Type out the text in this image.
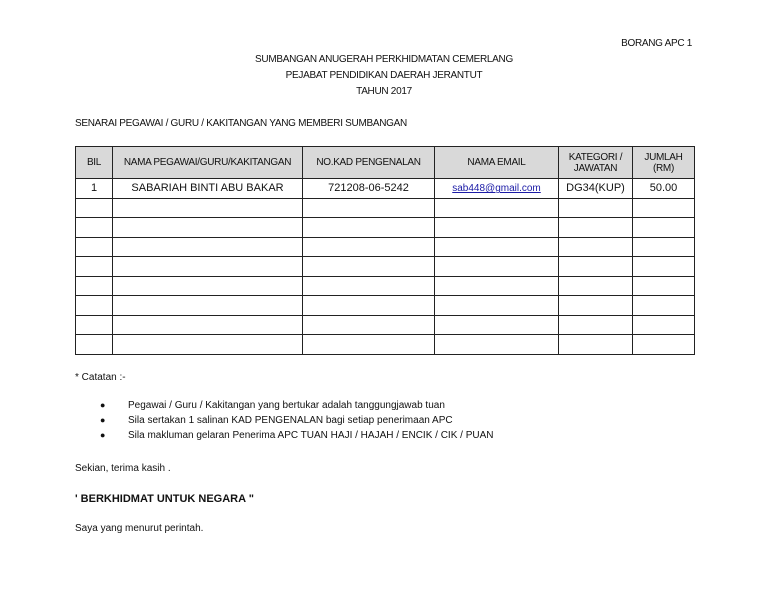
BORANG APC 1
SUMBANGAN ANUGERAH PERKHIDMATAN CEMERLANG
PEJABAT PENDIDIKAN DAERAH JERANTUT
TAHUN 2017
SENARAI PEGAWAI / GURU / KAKITANGAN YANG MEMBERI SUMBANGAN
BIL	NAMA PEGAWAI/GURU/KAKITANGAN	NO.KAD PENGENALAN	NAMA EMAIL	KATEGORI / JAWATAN	JUMLAH (RM)
1	SABARIAH BINTI ABU BAKAR	721208-06-5242	sab448@gmail.com	DG34(KUP)	50.00

* Catatan :-
● Pegawai / Guru / Kakitangan yang bertukar adalah tanggungjawab tuan
● Sila sertakan 1 salinan KAD PENGENALAN bagi setiap penerimaan APC
● Sila makluman gelaran Penerima APC TUAN HAJI / HAJAH / ENCIK / CIK / PUAN
Sekian, terima kasih .
' BERKHIDMAT UNTUK NEGARA "
Saya yang menurut perintah.
